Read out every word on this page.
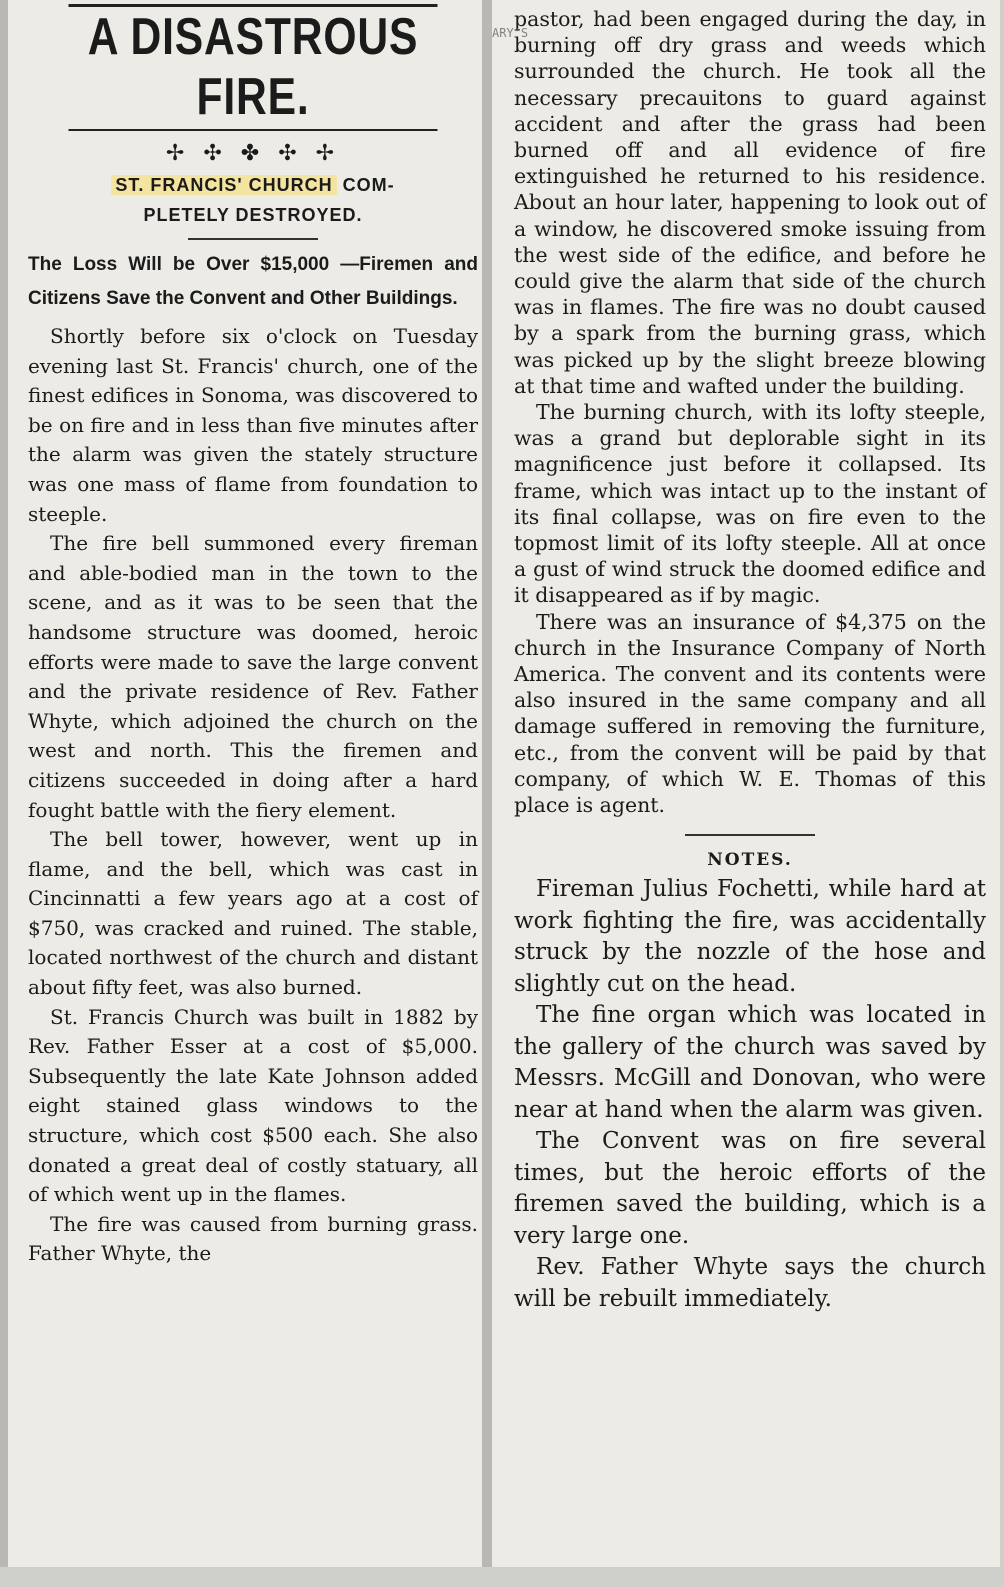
A DISASTROUS FIRE.
✢ ✣ ✤ ✣ ✢
ST. FRANCIS' CHURCH COM-
PLETELY DESTROYED.
The Loss Will be Over $15,000 —Firemen and Citizens Save the Convent and Other Buildings.

Shortly before six o'clock on Tuesday evening last St. Francis' church, one of the finest edifices in Sonoma, was discovered to be on fire and in less than five minutes after the alarm was given the stately structure was one mass of flame from foundation to steeple.

The fire bell summoned every fireman and able-bodied man in the town to the scene, and as it was to be seen that the handsome structure was doomed, heroic efforts were made to save the large convent and the private residence of Rev. Father Whyte, which adjoined the church on the west and north. This the firemen and citizens succeeded in doing after a hard fought battle with the fiery element.

The bell tower, however, went up in flame, and the bell, which was cast in Cincinnatti a few years ago at a cost of $750, was cracked and ruined. The stable, located northwest of the church and distant about fifty feet, was also burned.

St. Francis Church was built in 1882 by Rev. Father Esser at a cost of $5,000. Subsequently the late Kate Johnson added eight stained glass windows to the structure, which cost $500 each. She also donated a great deal of costly statuary, all of which went up in the flames.

The fire was caused from burning grass. Father Whyte, the

pastor, had been engaged during the day, in burning off dry grass and weeds which surrounded the church. He took all the necessary precauitons to guard against accident and after the grass had been burned off and all evidence of fire extinguished he returned to his residence. About an hour later, happening to look out of a window, he discovered smoke issuing from the west side of the edifice, and before he could give the alarm that side of the church was in flames. The fire was no doubt caused by a spark from the burning grass, which was picked up by the slight breeze blowing at that time and wafted under the building.

The burning church, with its lofty steeple, was a grand but deplorable sight in its magnificence just before it collapsed. Its frame, which was intact up to the instant of its final collapse, was on fire even to the topmost limit of its lofty steeple. All at once a gust of wind struck the doomed edifice and it disappeared as if by magic.

There was an insurance of $4,375 on the church in the Insurance Company of North America. The convent and its contents were also insured in the same company and all damage suffered in removing the furniture, etc., from the convent will be paid by that company, of which W. E. Thomas of this place is agent.

NOTES.

Fireman Julius Fochetti, while hard at work fighting the fire, was accidentally struck by the nozzle of the hose and slightly cut on the head.

The fine organ which was located in the gallery of the church was saved by Messrs. McGill and Donovan, who were near at hand when the alarm was given.

The Convent was on fire several times, but the heroic efforts of the firemen saved the building, which is a very large one.

Rev. Father Whyte says the church will be rebuilt immediately.

ARY'S
